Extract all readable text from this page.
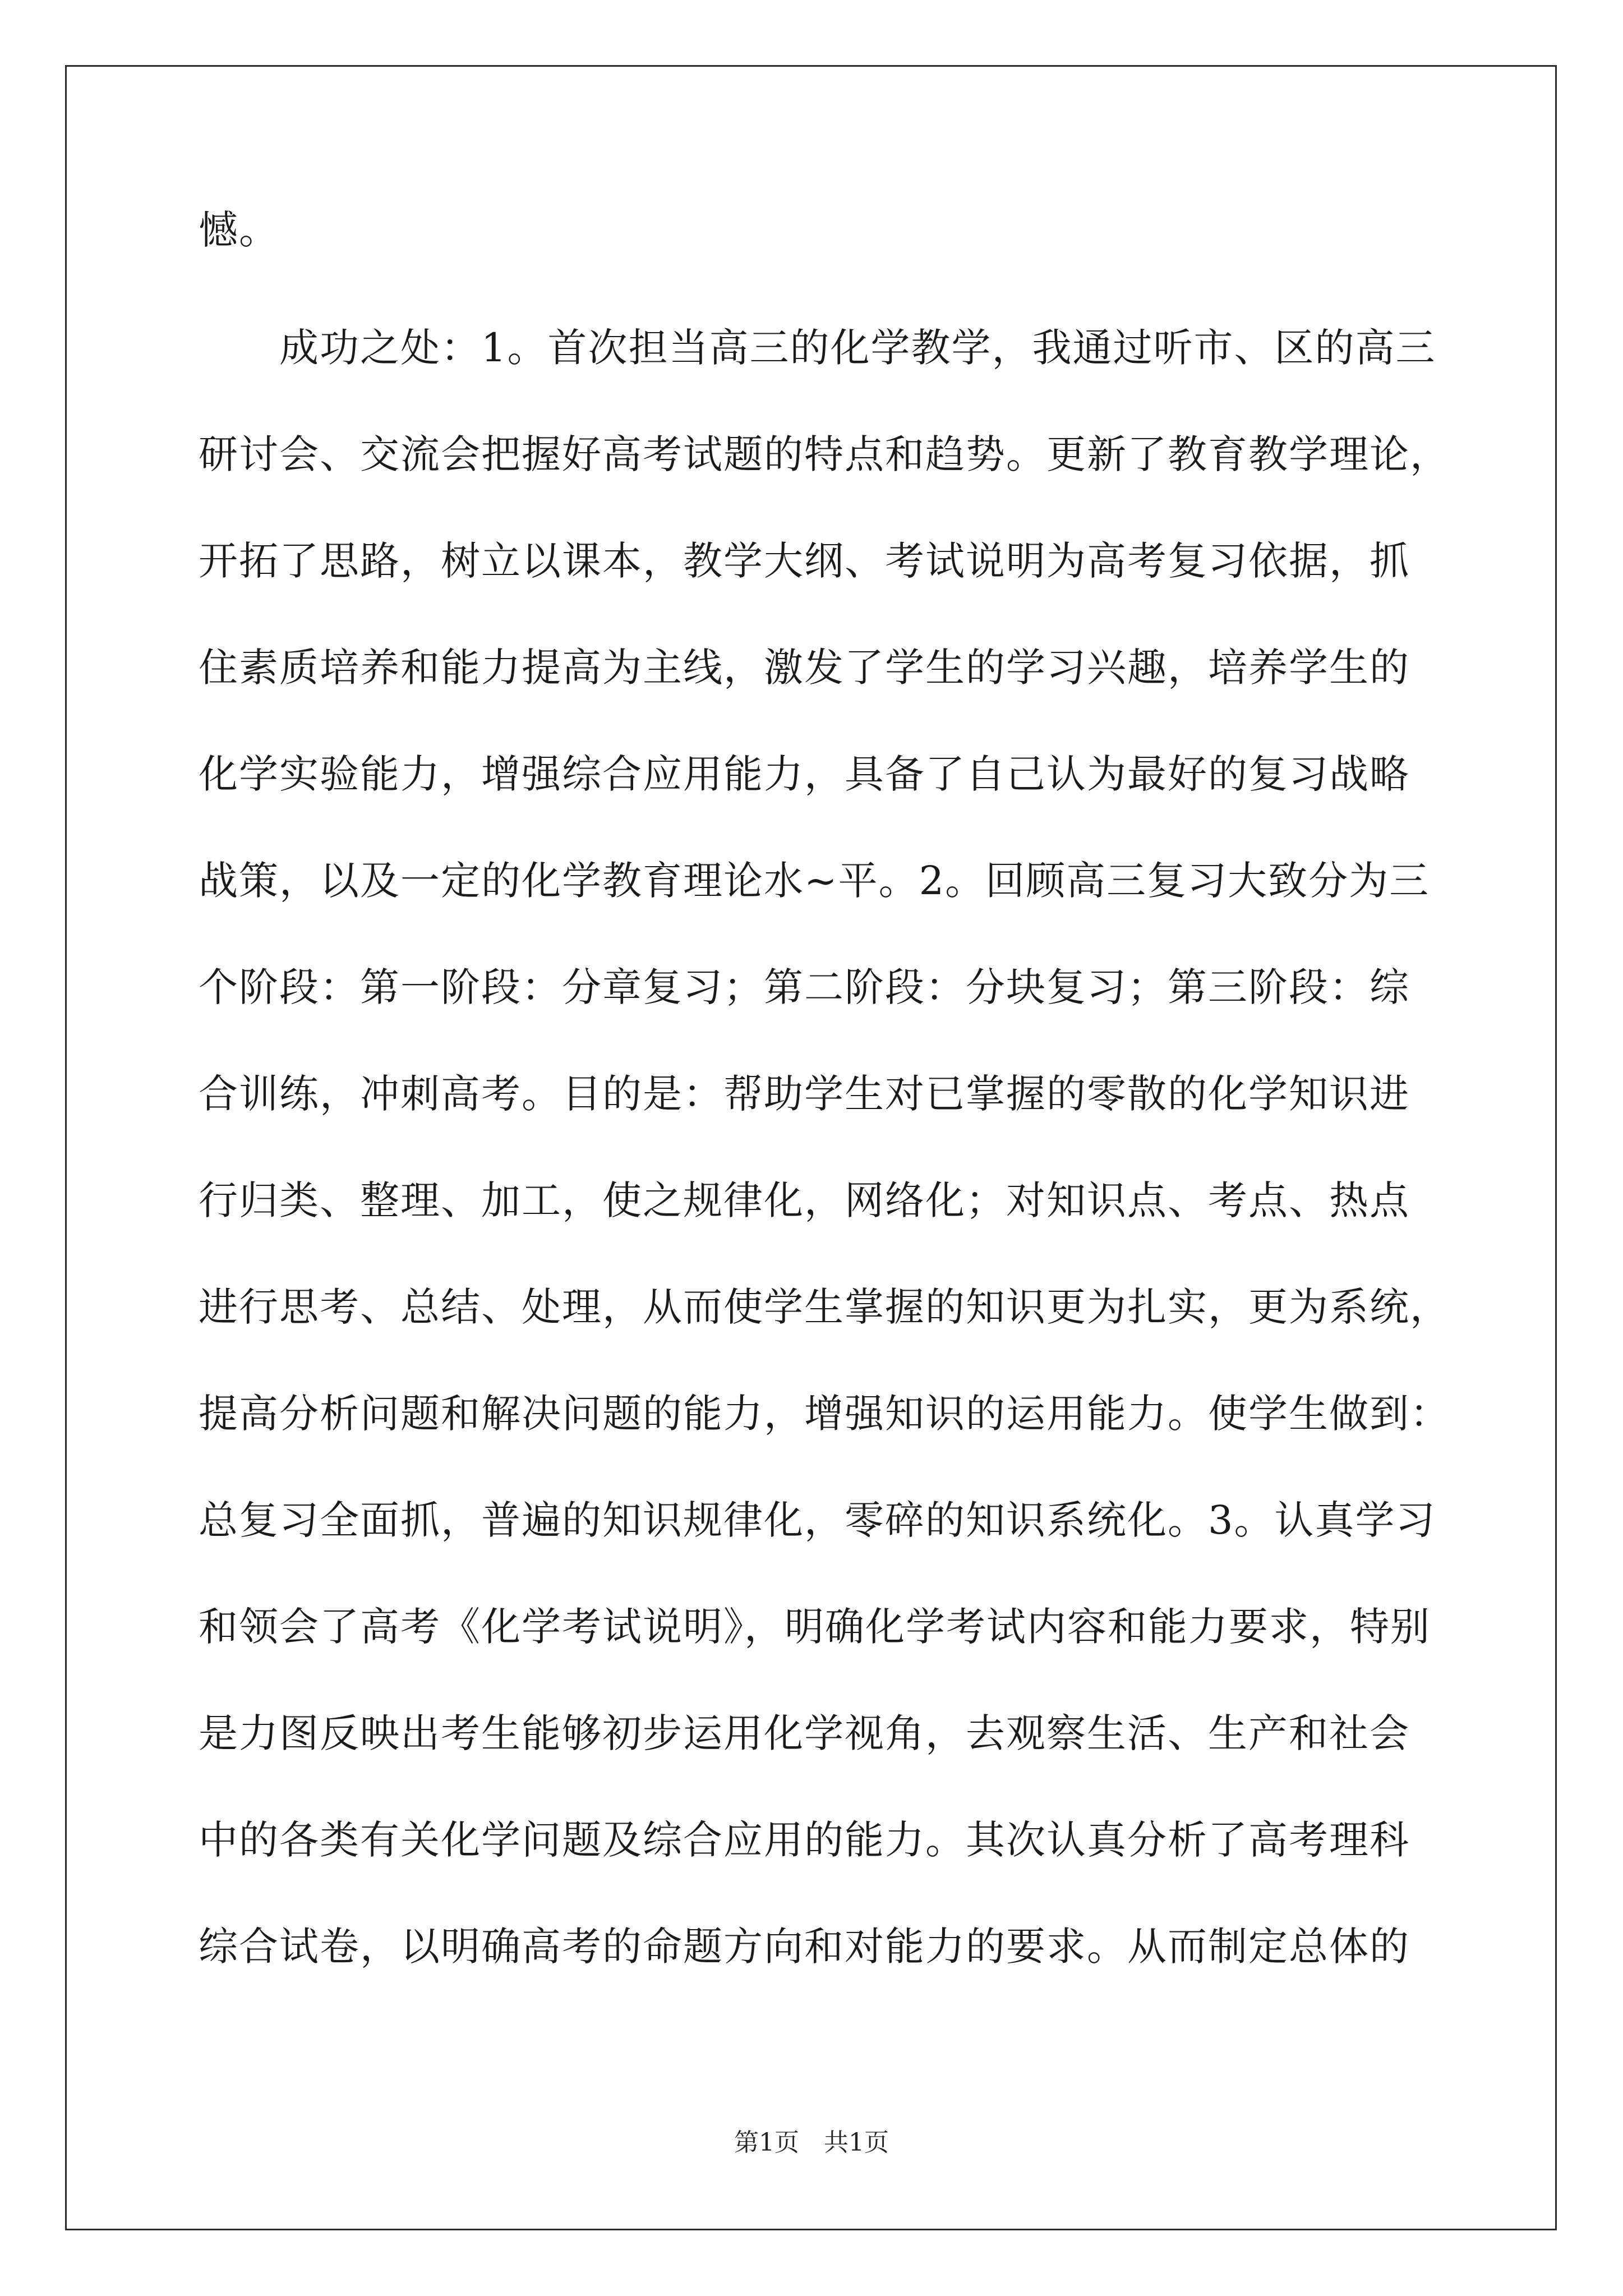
憾。
　　成功之处：1。首次担当高三的化学教学，我通过听市、区的高三
研讨会、交流会把握好高考试题的特点和趋势。更新了教育教学理论，
开拓了思路，树立以课本，教学大纲、考试说明为高考复习依据，抓
住素质培养和能力提高为主线，激发了学生的学习兴趣，培养学生的
化学实验能力，增强综合应用能力，具备了自己认为最好的复习战略
战策，以及一定的化学教育理论水~平。2。回顾高三复习大致分为三
个阶段：第一阶段：分章复习；第二阶段：分块复习；第三阶段：综
合训练，冲刺高考。目的是：帮助学生对已掌握的零散的化学知识进
行归类、整理、加工，使之规律化，网络化；对知识点、考点、热点
进行思考、总结、处理，从而使学生掌握的知识更为扎实，更为系统，
提高分析问题和解决问题的能力，增强知识的运用能力。使学生做到：
总复习全面抓，普遍的知识规律化，零碎的知识系统化。3。认真学习
和领会了高考《化学考试说明》，明确化学考试内容和能力要求，特别
是力图反映出考生能够初步运用化学视角，去观察生活、生产和社会
中的各类有关化学问题及综合应用的能力。其次认真分析了高考理科
综合试卷，以明确高考的命题方向和对能力的要求。从而制定总体的
第1页　共1页
